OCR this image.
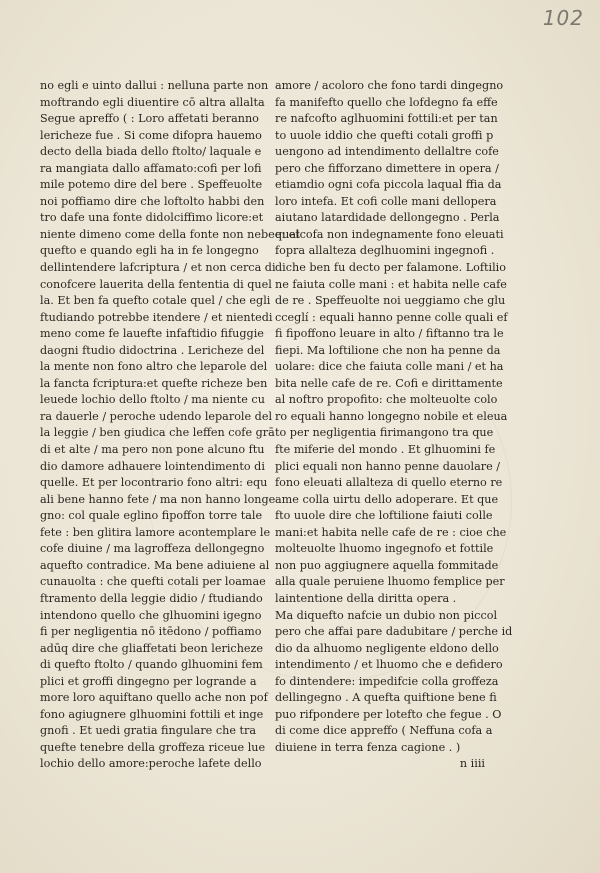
102
no egli e uinto dallui : nelluna parte non
moftrando egli diuentire cō altra allalta
Segue apreffo ( : Loro affetati beranno
lericheze fue . Si come difopra hauemo
decto della biada dello ftolto/ laquale e
ra mangiata dallo affamato:cofi per lofi
mile potemo dire del bere . Speffeuolte
noi poffiamo dire che loftolto habbi den
tro dafe una fonte didolciffimo licore:et
niente dimeno come della fonte non nebee: et
quefto e quando egli ha in fe longegno
dellintendere lafcriptura / et non cerca di
conofcere lauerita della fententia di quel
la. Et ben fa quefto cotale quel / che egli
ftudiando potrebbe itendere / et nientedi
meno come fe lauefte infaftidio fifuggie
daogni ftudio didoctrina . Lericheze del
la mente non fono altro che leparole del
la fancta fcriptura:et quefte richeze ben
leuede lochio dello ftolto / ma niente cu
ra dauerle / peroche udendo leparole del
la leggie / ben giudica che leffen cofe grā
di et alte / ma pero non pone alcuno ftu
dio damore adhauere lointendimento di
quelle. Et per locontrario fono altri: equ
ali bene hanno fete / ma non hanno longe
gno: col quale eglino fipoffon torre tale
fete : ben glitira lamore acontemplare le
cofe diuine / ma lagroffeza dellongegno
aquefto contradice. Ma bene adiuiene al
cunauolta : che quefti cotali per loamae
ftramento della leggie didio / ftudiando
intendono quello che glhuomini igegno
fi per negligentia nō itēdono / poffiamo
adūq dire che gliaffetati beon lericheze
di quefto ftolto / quando glhuomini fem
plici et groffi dingegno per logrande a
more loro aquiftano quello ache non pof
fono agiugnere glhuomini fottili et inge
gnofi . Et uedi gratia fingulare che tra
quefte tenebre della groffeza riceue lue
lochio dello amore:peroche lafete dello
amore / acoloro che fono tardi dingegno
fa manifefto quello che lofdegno fa effe
re nafcofto aglhuomini fottili:et per tan
to uuole iddio che quefti cotali groffi p
uengono ad intendimento dellaltre cofe
pero che fifforzano dimettere in opera /
etiamdio ogni cofa piccola laqual ffia da
loro intefa. Et cofi colle mani dellopera
aiutano latardidade dellongegno . Perla
qualcofa non indegnamente fono eleuati
fopra allalteza deglhuomini ingegnofi .
diche ben fu decto per falamone. Loftilio
ne faiuta colle mani : et habita nelle cafe
de re . Speffeuolte noi ueggiamo che glu
cceglí : equali hanno penne colle quali ef
fi fipoffono leuare in alto / fiftanno tra le
fiepi. Ma loftilione che non ha penne da
uolare: dice che faiuta colle mani / et ha
bita nelle cafe de re. Cofi e dirittamente
al noftro propofito: che molteuolte colo
ro equali hanno longegno nobile et eleua
to per negligentia firimangono tra que
fte miferie del mondo . Et glhuomini fe
plici equali non hanno penne dauolare /
fono eleuati allalteza di quello eterno re
ame colla uirtu dello adoperare. Et que
fto uuole dire che loftilione faiuti colle
mani:et habita nelle cafe de re : cioe che
molteuolte lhuomo ingegnofo et fottile
non puo aggiugnere aquella fommitade
alla quale peruiene lhuomo femplice per
laintentione della diritta opera .
Ma diquefto nafcie un dubio non piccol
pero che affai pare dadubitare / perche id
dio da alhuomo negligente eldono dello
intendimento / et lhuomo che e defidero
fo dintendere: impedifcie colla groffeza
dellingegno . A quefta quiftione bene fi
puo rifpondere per lotefto che fegue . O
di come dice appreffo ( Neffuna cofa a
diuiene in terra fenza cagione . )
n iiii
